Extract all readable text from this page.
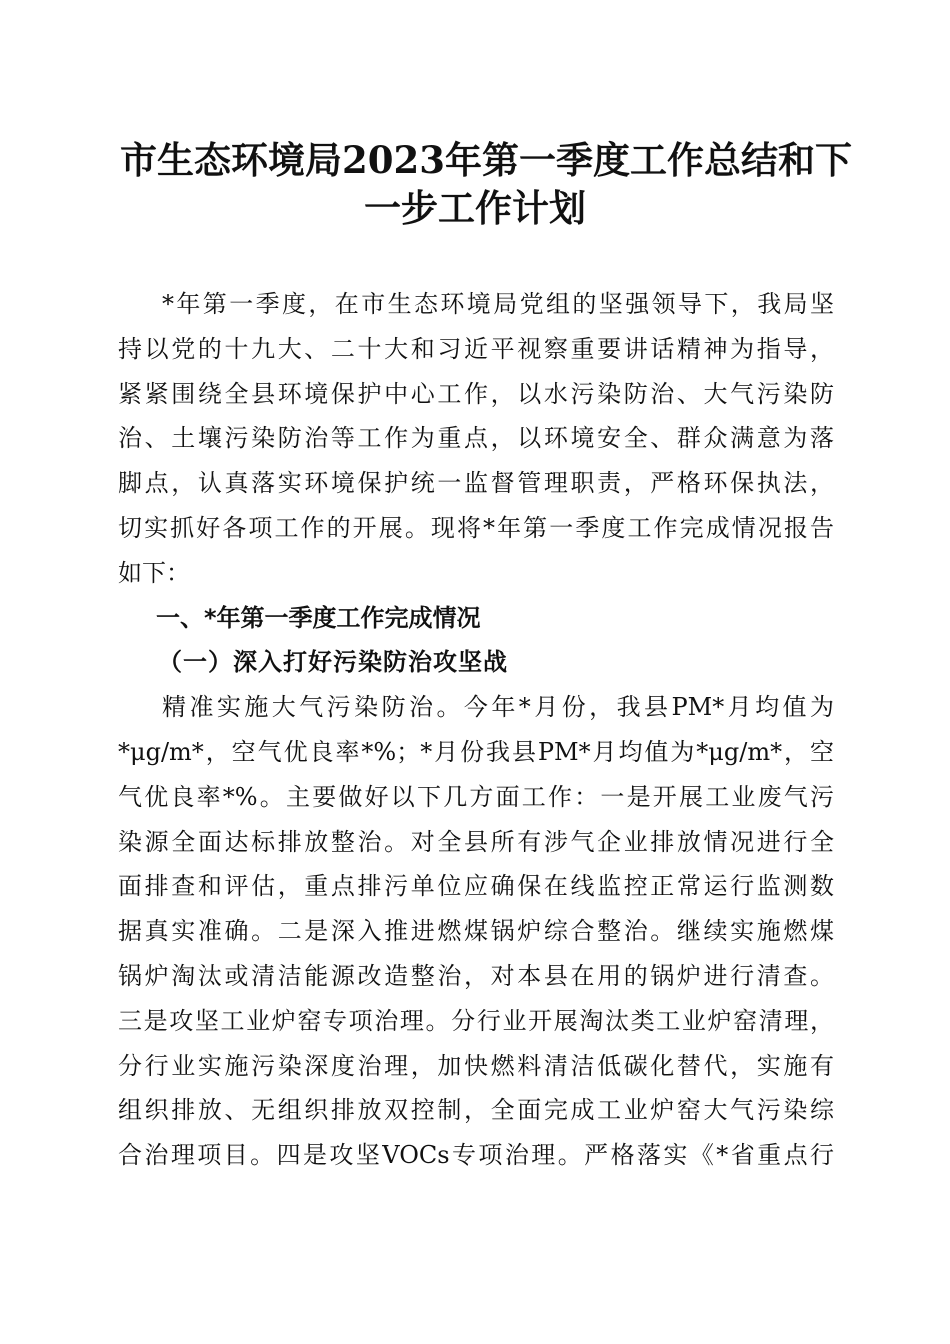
市生态环境局2023年第一季度工作总结和下
一步工作计划
*年第一季度，在市生态环境局党组的坚强领导下，我局坚
持以党的十九大、二十大和习近平视察重要讲话精神为指导，
紧紧围绕全县环境保护中心工作，以水污染防治、大气污染防
治、土壤污染防治等工作为重点，以环境安全、群众满意为落
脚点，认真落实环境保护统一监督管理职责，严格环保执法，
切实抓好各项工作的开展。现将*年第一季度工作完成情况报告
如下：
一、*年第一季度工作完成情况
（一）深入打好污染防治攻坚战
精准实施大气污染防治。今年*月份，我县PM*月均值为
*μg/m*，空气优良率*%；*月份我县PM*月均值为*μg/m*，空
气优良率*%。主要做好以下几方面工作：一是开展工业废气污
染源全面达标排放整治。对全县所有涉气企业排放情况进行全
面排查和评估，重点排污单位应确保在线监控正常运行监测数
据真实准确。二是深入推进燃煤锅炉综合整治。继续实施燃煤
锅炉淘汰或清洁能源改造整治，对本县在用的锅炉进行清查。
三是攻坚工业炉窑专项治理。分行业开展淘汰类工业炉窑清理，
分行业实施污染深度治理，加快燃料清洁低碳化替代，实施有
组织排放、无组织排放双控制，全面完成工业炉窑大气污染综
合治理项目。四是攻坚VOCs专项治理。严格落实《*省重点行
